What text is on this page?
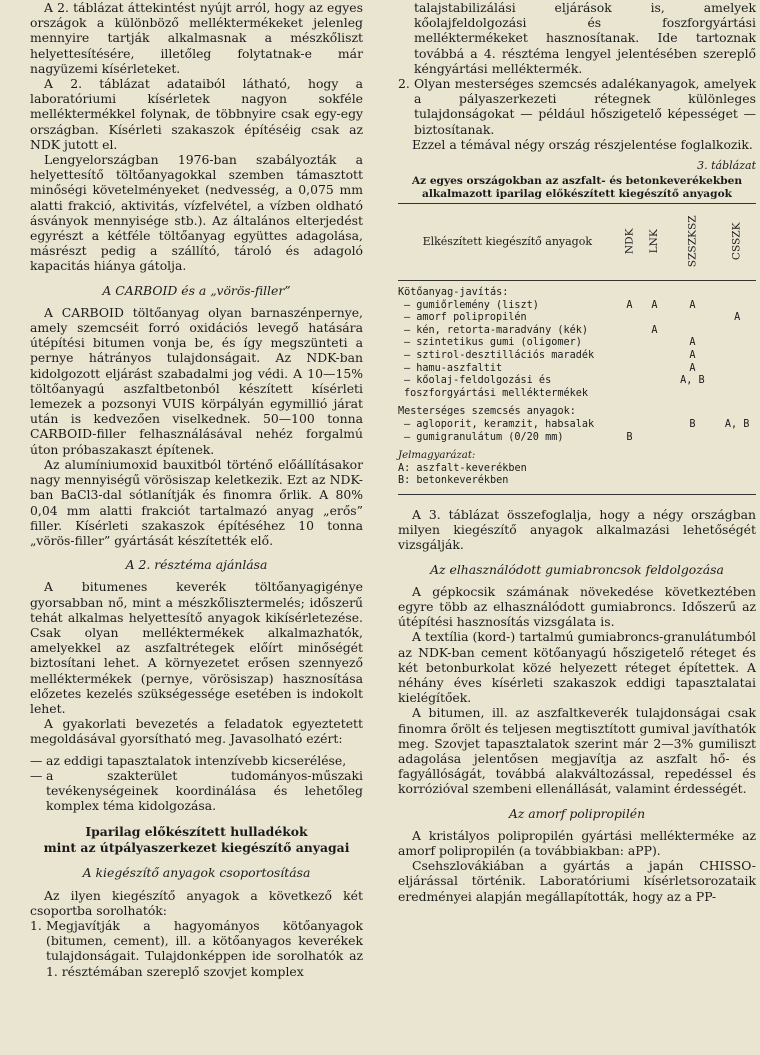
A 2. táblázat áttekintést nyújt arról, hogy az egyes országok a különböző melléktermékeket jelenleg mennyire tartják alkalmasnak a mészkőliszt helyettesítésére, illetőleg folytatnak-e már nagyüzemi kísérleteket.

A 2. táblázat adataiból látható, hogy a laboratóriumi kísérletek nagyon sokféle melléktermékkel folynak, de többnyire csak egy-egy országban. Kísérleti szakaszok építéséig csak az NDK jutott el.

Lengyelországban 1976-ban szabályozták a helyettesítő töltőanyagokkal szemben támasztott minőségi követelményeket (nedvesség, a 0,075 mm alatti frakció, aktivitás, vízfelvétel, a vízben oldható ásványok mennyisége stb.). Az általános elterjedést egyrészt a kétféle töltőanyag együttes adagolása, másrészt pedig a szállító, tároló és adagoló kapacitás hiánya gátolja.

A CARBOID és a „vörös-filler”

A CARBOID töltőanyag olyan barnaszénpernye, amely szemcséit forró oxidációs levegő hatására útépítési bitumen vonja be, és így megszünteti a pernye hátrányos tulajdonságait. Az NDK-ban kidolgozott eljárást szabadalmi jog védi. A 10—15% töltőanyagú aszfaltbetonból készített kísérleti lemezek a pozsonyi VUIS körpályán egymillió járat után is kedvezően viselkednek. 50—100 tonna CARBOID-filler felhasználásával nehéz forgalmú úton próbaszakaszt építenek.

Az alumíniumoxid bauxitból történő előállításakor nagy mennyiségű vörösiszap keletkezik. Ezt az NDK-ban BaCl3-dal sótlanítják és finomra őrlik. A 80% 0,04 mm alatti frakciót tartalmazó anyag „erős” filler. Kísérleti szakaszok építéséhez 10 tonna „vörös-filler” gyártását készítették elő.

A 2. résztéma ajánlása

A bitumenes keverék töltőanyagigénye gyorsabban nő, mint a mészkőlisztermelés; időszerű tehát alkalmas helyettesítő anyagok kikísérletezése. Csak olyan melléktermékek alkalmazhatók, amelyekkel az aszfaltrétegek előírt minőségét biztosítani lehet. A környezetet erősen szennyező melléktermékek (pernye, vörösiszap) hasznosítása előzetes kezelés szükségessége esetében is indokolt lehet.

A gyakorlati bevezetés a feladatok egyeztetett megoldásával gyorsítható meg. Javasolható ezért:

— az eddigi tapasztalatok intenzívebb kicserélése,
— a szakterület tudományos-műszaki tevékenységeinek koordinálása és lehetőleg komplex téma kidolgozása.
Iparilag előkészített hulladékok
mint az útpályaszerkezet kiegészítő anyagai
A kiegészítő anyagok csoportosítása

Az ilyen kiegészítő anyagok a következő két csoportba sorolhatók:

1. Megjavítják a hagyományos kötőanyagok (bitumen, cement), ill. a kötőanyagos keverékek tulajdonságait. Tulajdonképpen ide sorolhatók az 1. résztémában szereplő szovjet komplex
talajstabilizálási eljárások is, amelyek kőolajfeldolgozási és foszforgyártási melléktermékeket hasznosítanak. Ide tartoznak továbbá a 4. résztéma lengyel jelentésében szereplő kéngyártási melléktermék.
2. Olyan mesterséges szemcsés adalékanyagok, amelyek a pályaszerkezeti rétegnek különleges tulajdonságokat — például hőszigetelő képességet — biztosítanak.

Ezzel a témával négy ország részjelentése foglalkozik.

3. táblázat
Az egyes országokban az aszfalt- és betonkeverékekben alkalmazott iparilag előkészített kiegészítő anyagok
Elkészített kiegészítő anyagok	NDK	LNK	SZSZKSZ	CSSZK
Kötőanyag-javítás:				
— gumiőrlemény (liszt)	A	A	A	
— amorf polipropilén				A
— kén, retorta-maradvány (kék)		A		
— szintetikus gumi (oligomer)			A	
— sztirol-desztillációs maradék			A	
— hamu-aszfaltit			A	
— kőolaj-feldolgozási és foszforgyártási melléktermékek			A, B	
Mesterséges szemcsés anyagok:				
— agloporit, keramzit, habsalak			B	A, B
— gumigranulátum (0/20 mm)	B			
Jelmagyarázat:
A: aszfalt-keverékben
B: betonkeverékben

A 3. táblázat összefoglalja, hogy a négy országban milyen kiegészítő anyagok alkalmazási lehetőségét vizsgálják.

Az elhasználódott gumiabroncsok feldolgozása

A gépkocsik számának növekedése következtében egyre több az elhasználódott gumiabroncs. Időszerű az útépítési hasznosítás vizsgálata is.

A textília (kord-) tartalmú gumiabroncs-granulátumból az NDK-ban cement kötőanyagú hőszigetelő réteget és két betonburkolat közé helyezett réteget építettek. A néhány éves kísérleti szakaszok eddigi tapasztalatai kielégítőek.

A bitumen, ill. az aszfaltkeverék tulajdonságai csak finomra őrölt és teljesen megtisztított gumival javíthatók meg. Szovjet tapasztalatok szerint már 2—3% gumiliszt adagolása jelentősen megjavítja az aszfalt hő- és fagyállóságát, továbbá alakváltozással, repedéssel és korrózióval szembeni ellenállását, valamint érdességét.

Az amorf polipropilén

A kristályos polipropilén gyártási mellékterméke az amorf polipropilén (a továbbiakban: aPP).

Csehszlovákiában a gyártás a japán CHISSO-eljárással történik. Laboratóriumi kísérletsorozataik eredményei alapján megállapították, hogy az a PP-
